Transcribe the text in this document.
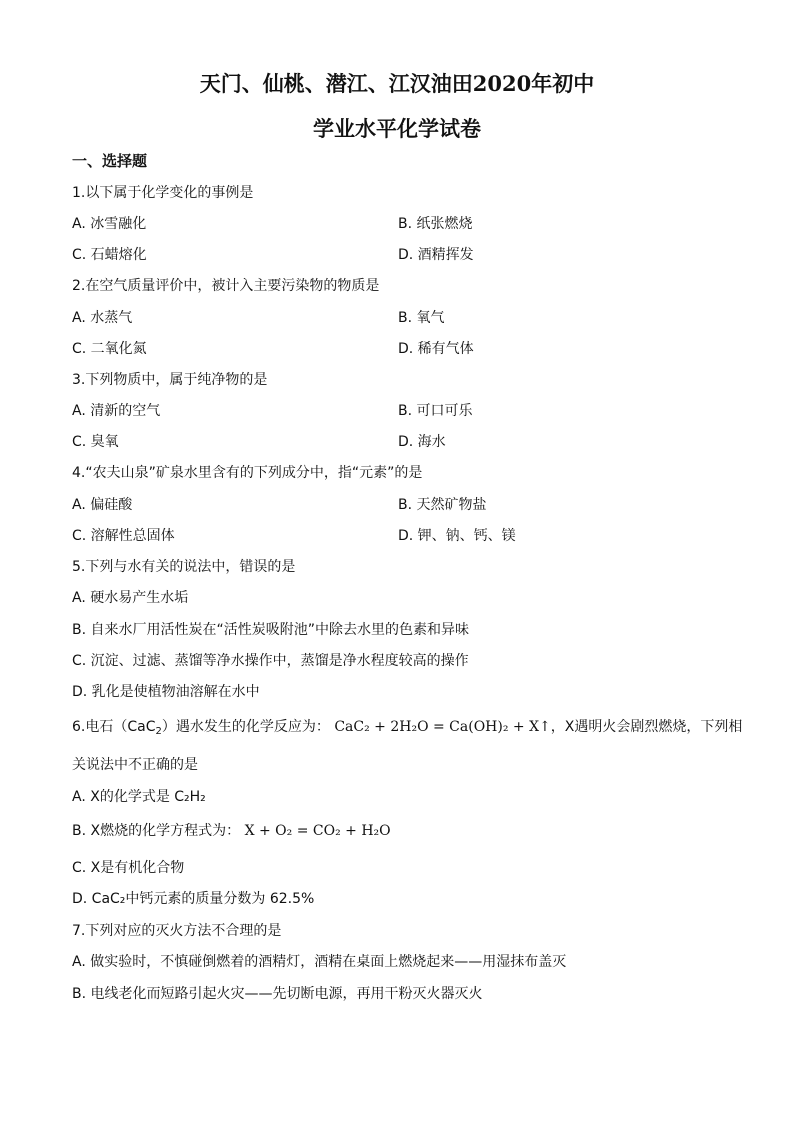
天门、仙桃、潜江、江汉油田2020年初中
学业水平化学试卷
一、选择题
1.以下属于化学变化的事例是
A. 冰雪融化	B. 纸张燃烧
C. 石蜡熔化	D. 酒精挥发
2.在空气质量评价中，被计入主要污染物的物质是
A. 水蒸气	B. 氧气
C. 二氧化氮	D. 稀有气体
3.下列物质中，属于纯净物的是
A. 清新的空气	B. 可口可乐
C. 臭氧	D. 海水
4.“农夫山泉”矿泉水里含有的下列成分中，指“元素”的是
A. 偏硅酸	B. 天然矿物盐
C. 溶解性总固体	D. 钾、钠、钙、镁
5.下列与水有关的说法中，错误的是
A. 硬水易产生水垢
B. 自来水厂用活性炭在“活性炭吸附池”中除去水里的色素和异味
C. 沉淀、过滤、蒸馏等净水操作中，蒸馏是净水程度较高的操作
D. 乳化是使植物油溶解在水中
6.电石（CaC$_2$）遇水发生的化学反应为： CaC₂ + 2H₂O = Ca(OH)₂ + X↑，X遇明火会剧烈燃烧，下列相
关说法中不正确的是
A. X的化学式是 C₂H₂
B. X燃烧的化学方程式为： X + O₂ = CO₂ + H₂O
C. X是有机化合物
D. CaC₂中钙元素的质量分数为 62.5%
7.下列对应的灭火方法不合理的是
A. 做实验时，不慎碰倒燃着的酒精灯，酒精在桌面上燃烧起来——用湿抹布盖灭
B. 电线老化而短路引起火灾——先切断电源，再用干粉灭火器灭火
